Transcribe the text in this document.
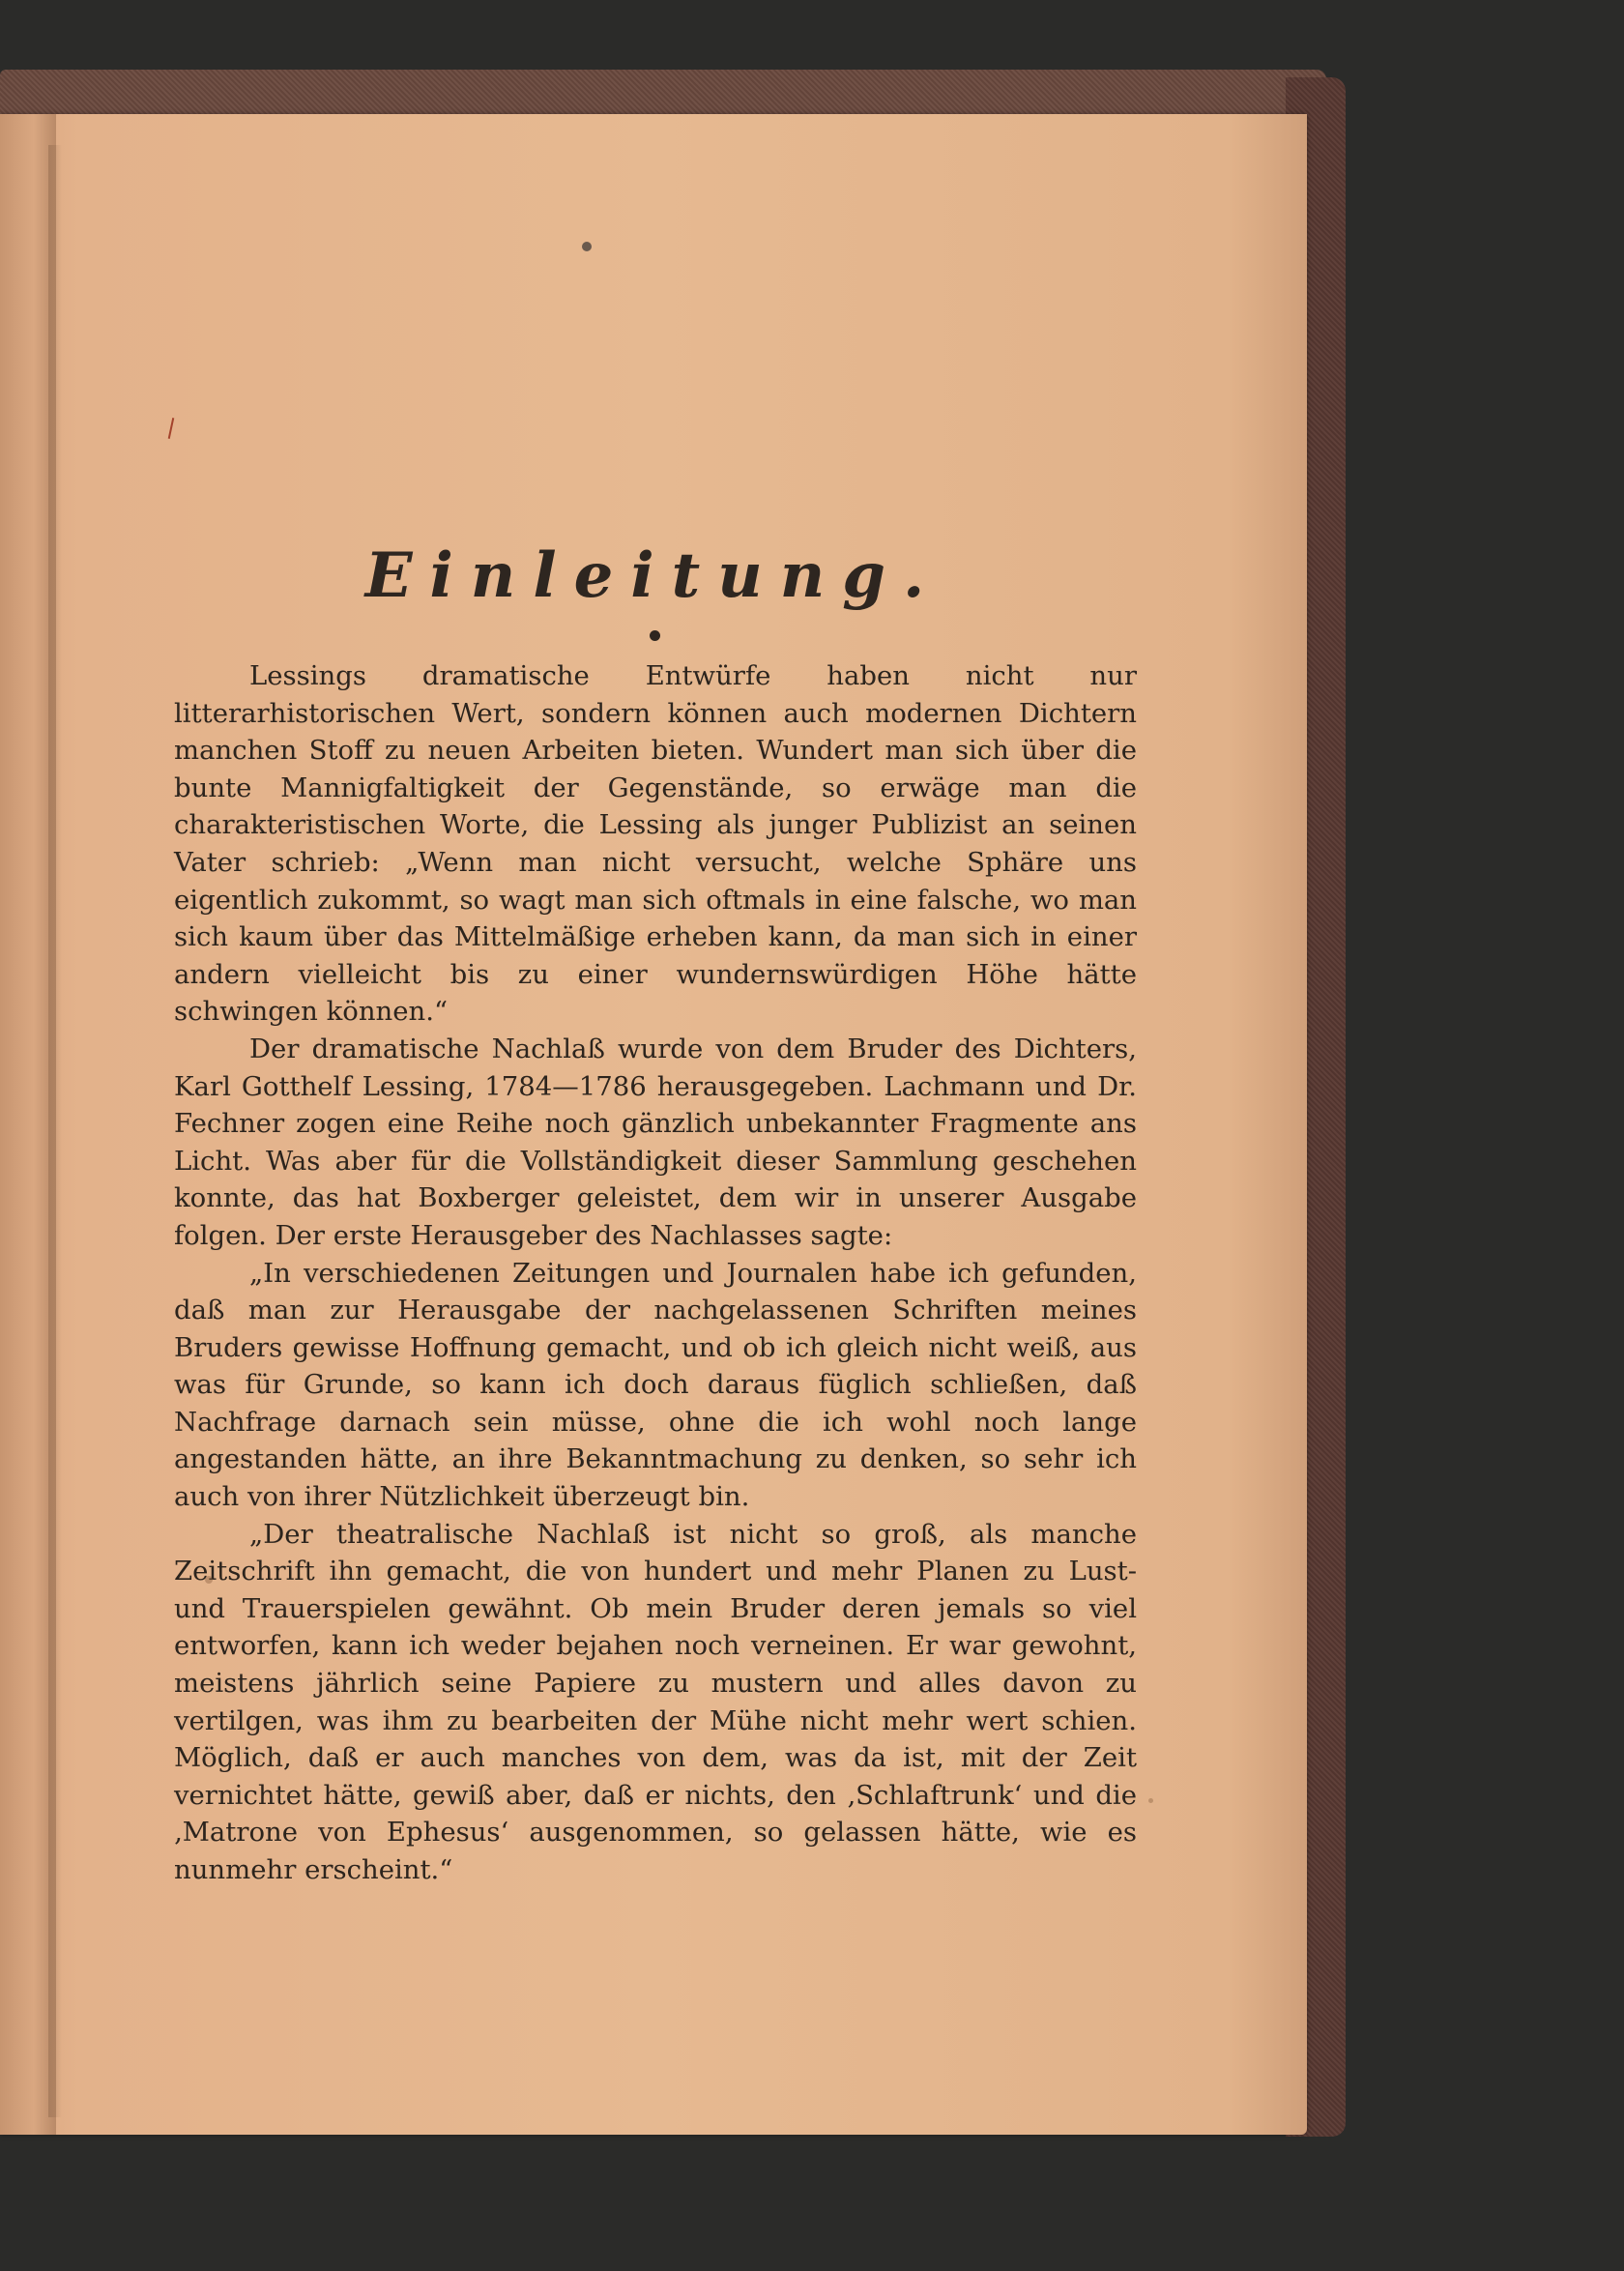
Einleitung.

Lessings dramatische Entwürfe haben nicht nur litterarhistorischen Wert, sondern können auch modernen Dichtern manchen Stoff zu neuen Arbeiten bieten. Wundert man sich über die bunte Mannigfaltigkeit der Gegenstände, so erwäge man die charakteristischen Worte, die Lessing als junger Publizist an seinen Vater schrieb: „Wenn man nicht versucht, welche Sphäre uns eigentlich zukommt, so wagt man sich oftmals in eine falsche, wo man sich kaum über das Mittelmäßige erheben kann, da man sich in einer andern vielleicht bis zu einer wundernswürdigen Höhe hätte schwingen können.“

Der dramatische Nachlaß wurde von dem Bruder des Dichters, Karl Gotthelf Lessing, 1784—1786 herausgegeben. Lachmann und Dr. Fechner zogen eine Reihe noch gänzlich unbekannter Fragmente ans Licht. Was aber für die Vollständigkeit dieser Sammlung geschehen konnte, das hat Boxberger geleistet, dem wir in unserer Ausgabe folgen. Der erste Herausgeber des Nachlasses sagte:

„In verschiedenen Zeitungen und Journalen habe ich gefunden, daß man zur Herausgabe der nachgelassenen Schriften meines Bruders gewisse Hoffnung gemacht, und ob ich gleich nicht weiß, aus was für Grunde, so kann ich doch daraus füglich schließen, daß Nachfrage darnach sein müsse, ohne die ich wohl noch lange angestanden hätte, an ihre Bekanntmachung zu denken, so sehr ich auch von ihrer Nützlichkeit überzeugt bin.

„Der theatralische Nachlaß ist nicht so groß, als manche Zeitschrift ihn gemacht, die von hundert und mehr Planen zu Lust- und Trauerspielen gewähnt. Ob mein Bruder deren jemals so viel entworfen, kann ich weder bejahen noch verneinen. Er war gewohnt, meistens jährlich seine Papiere zu mustern und alles davon zu vertilgen, was ihm zu bearbeiten der Mühe nicht mehr wert schien. Möglich, daß er auch manches von dem, was da ist, mit der Zeit vernichtet hätte, gewiß aber, daß er nichts, den ‚Schlaftrunk‘ und die ‚Matrone von Ephesus‘ ausgenommen, so gelassen hätte, wie es nunmehr erscheint.“
